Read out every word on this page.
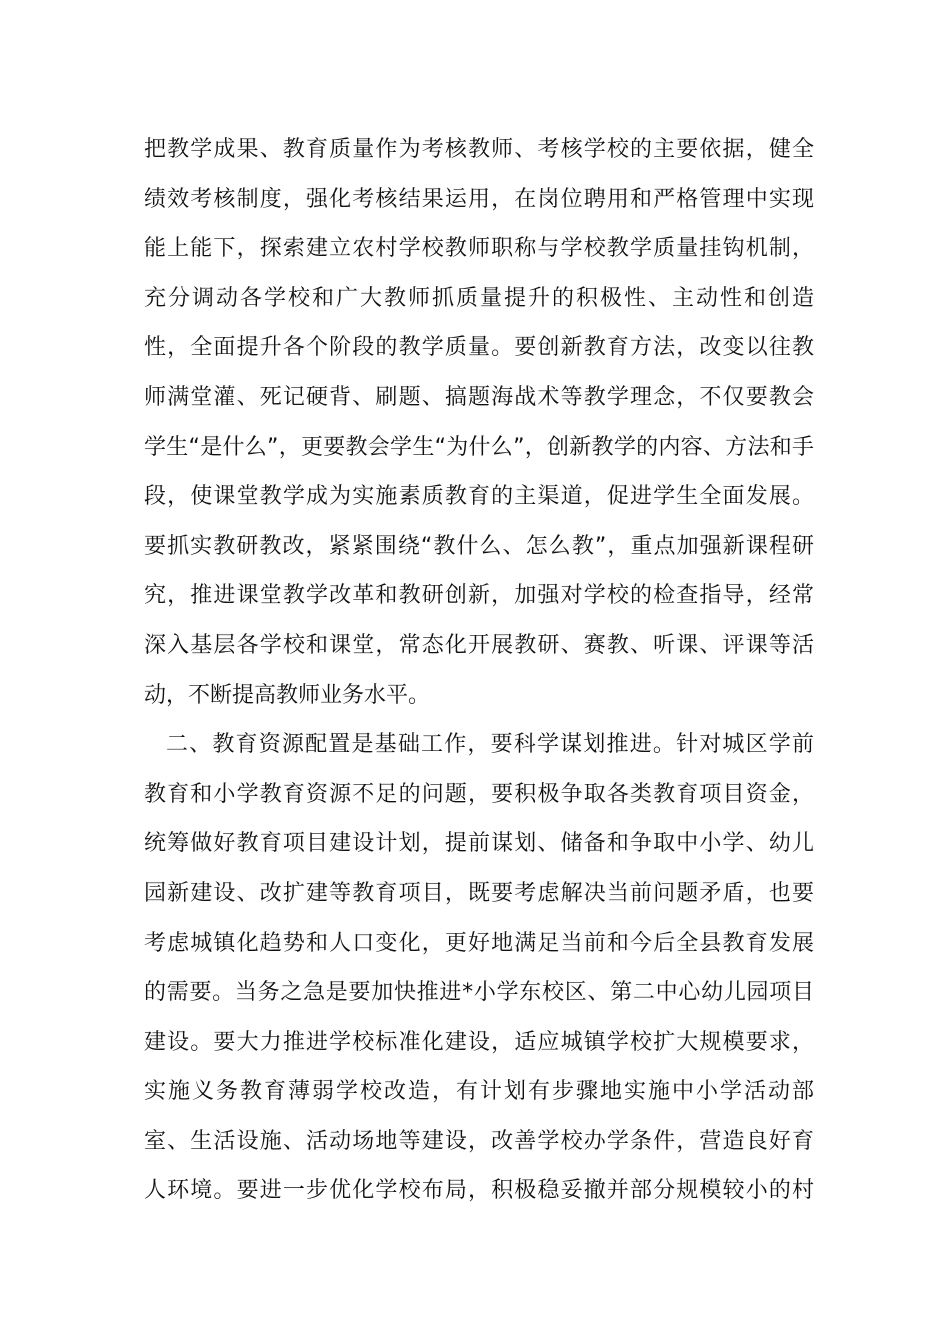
把教学成果、教育质量作为考核教师、考核学校的主要依据，健全
绩效考核制度，强化考核结果运用，在岗位聘用和严格管理中实现
能上能下，探索建立农村学校教师职称与学校教学质量挂钩机制，
充分调动各学校和广大教师抓质量提升的积极性、主动性和创造
性，全面提升各个阶段的教学质量。要创新教育方法，改变以往教
师满堂灌、死记硬背、刷题、搞题海战术等教学理念，不仅要教会
学生“是什么”，更要教会学生“为什么”，创新教学的内容、方法和手
段，使课堂教学成为实施素质教育的主渠道，促进学生全面发展。
要抓实教研教改，紧紧围绕“教什么、怎么教”，重点加强新课程研
究，推进课堂教学改革和教研创新，加强对学校的检查指导，经常
深入基层各学校和课堂，常态化开展教研、赛教、听课、评课等活
动，不断提高教师业务水平。
二、教育资源配置是基础工作，要科学谋划推进。针对城区学前
教育和小学教育资源不足的问题，要积极争取各类教育项目资金，
统筹做好教育项目建设计划，提前谋划、储备和争取中小学、幼儿
园新建设、改扩建等教育项目，既要考虑解决当前问题矛盾，也要
考虑城镇化趋势和人口变化，更好地满足当前和今后全县教育发展
的需要。当务之急是要加快推进*小学东校区、第二中心幼儿园项目
建设。要大力推进学校标准化建设，适应城镇学校扩大规模要求，
实施义务教育薄弱学校改造，有计划有步骤地实施中小学活动部
室、生活设施、活动场地等建设，改善学校办学条件，营造良好育
人环境。要进一步优化学校布局，积极稳妥撤并部分规模较小的村
